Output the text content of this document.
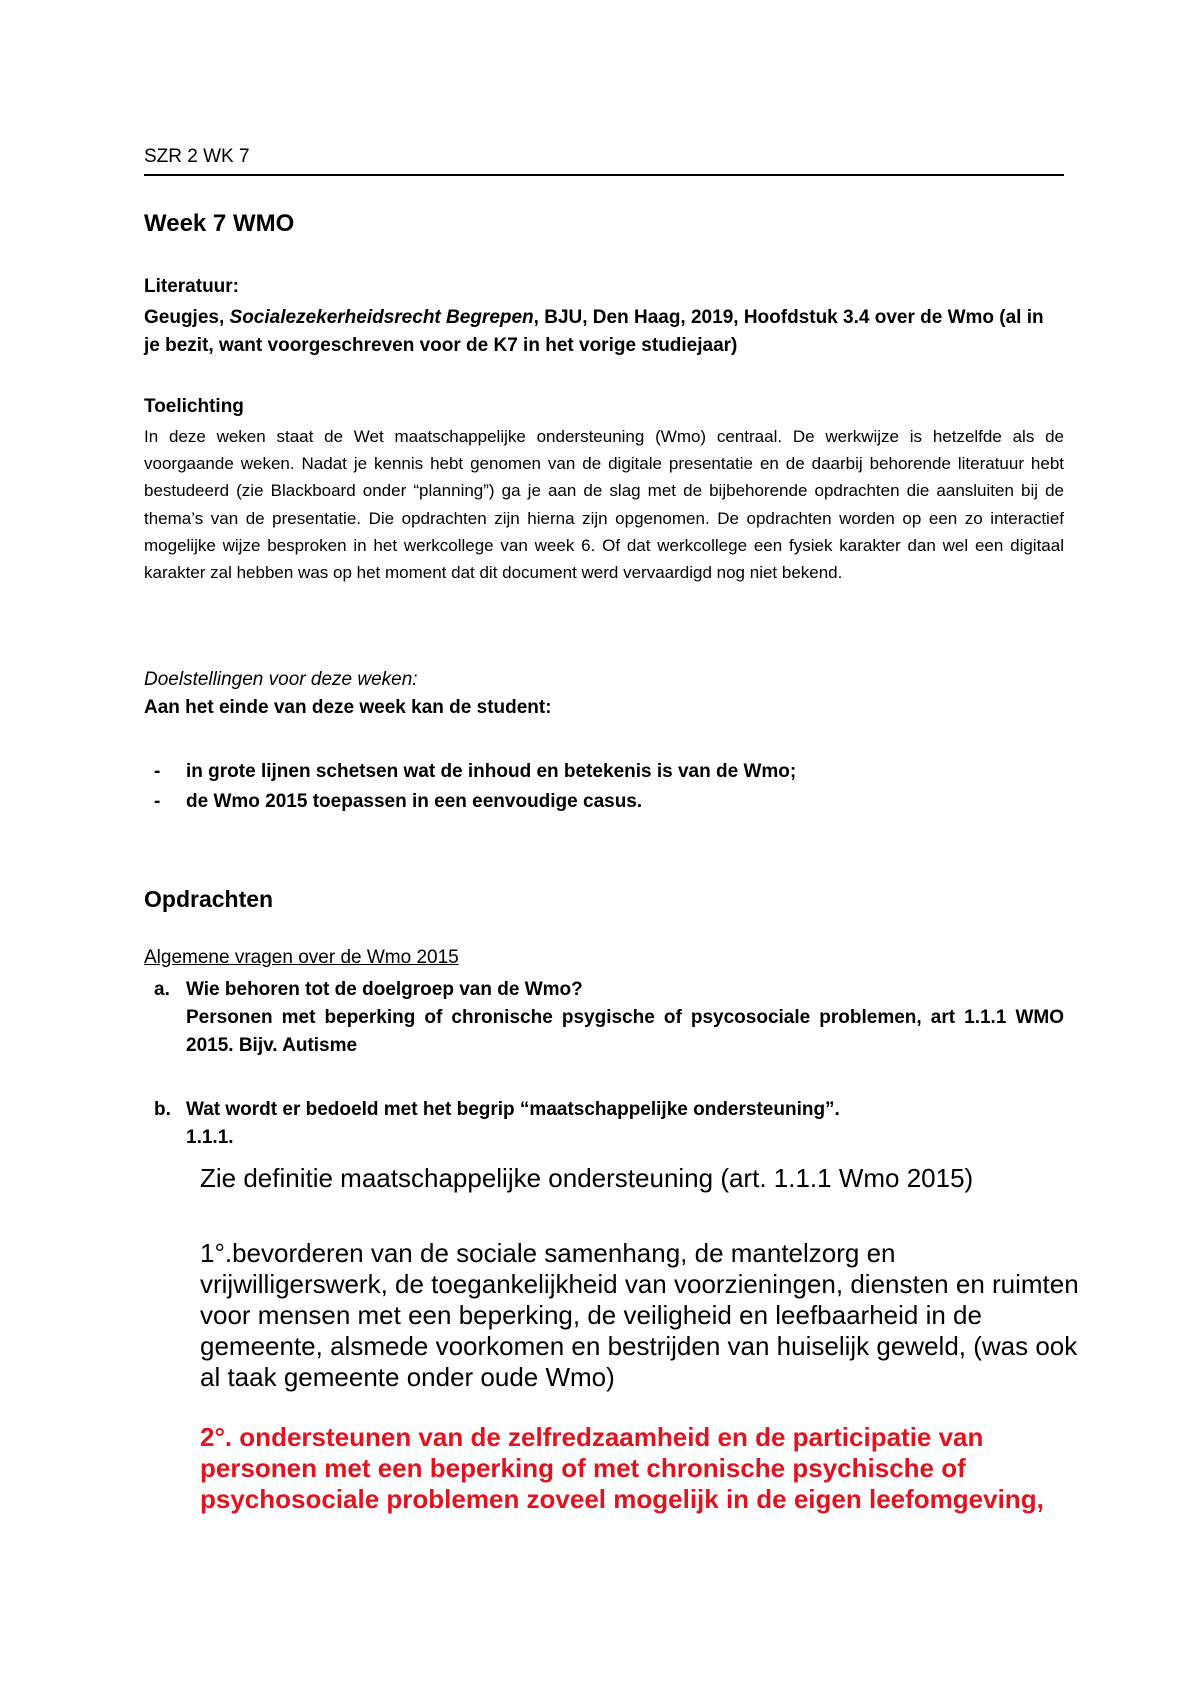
SZR 2 WK 7
Week 7 WMO
Literatuur:
Geugjes, Socialezekerheidsrecht Begrepen, BJU, Den Haag, 2019, Hoofdstuk 3.4 over de Wmo (al in je bezit, want voorgeschreven voor de K7 in het vorige studiejaar)
Toelichting
In deze weken staat de Wet maatschappelijke ondersteuning (Wmo) centraal. De werkwijze is hetzelfde als de voorgaande weken. Nadat je kennis hebt genomen van de digitale presentatie en de daarbij behorende literatuur hebt bestudeerd (zie Blackboard onder “planning”) ga je aan de slag met de bijbehorende opdrachten die aansluiten bij de thema’s van de presentatie. Die opdrachten zijn hierna zijn opgenomen. De opdrachten worden op een zo interactief mogelijke wijze besproken in het werkcollege van week 6. Of dat werkcollege een fysiek karakter dan wel een digitaal karakter zal hebben was op het moment dat dit document werd vervaardigd nog niet bekend.
Doelstellingen voor deze weken:
Aan het einde van deze week kan de student:
- in grote lijnen schetsen wat de inhoud en betekenis is van de Wmo;
- de Wmo 2015 toepassen in een eenvoudige casus.
Opdrachten
Algemene vragen over de Wmo 2015
a. Wie behoren tot de doelgroep van de Wmo?
Personen met beperking of chronische psygische of psycosociale problemen, art 1.1.1 WMO 2015. Bijv. Autisme
b. Wat wordt er bedoeld met het begrip “maatschappelijke ondersteuning”.
1.1.1.
Zie definitie maatschappelijke ondersteuning (art. 1.1.1 Wmo 2015)
1°.bevorderen van de sociale samenhang, de mantelzorg en vrijwilligerswerk, de toegankelijkheid van voorzieningen, diensten en ruimten voor mensen met een beperking, de veiligheid en leefbaarheid in de gemeente, alsmede voorkomen en bestrijden van huiselijk geweld, (was ook al taak gemeente onder oude Wmo)
2°. ondersteunen van de zelfredzaamheid en de participatie van personen met een beperking of met chronische psychische of psychosociale problemen zoveel mogelijk in de eigen leefomgeving,
